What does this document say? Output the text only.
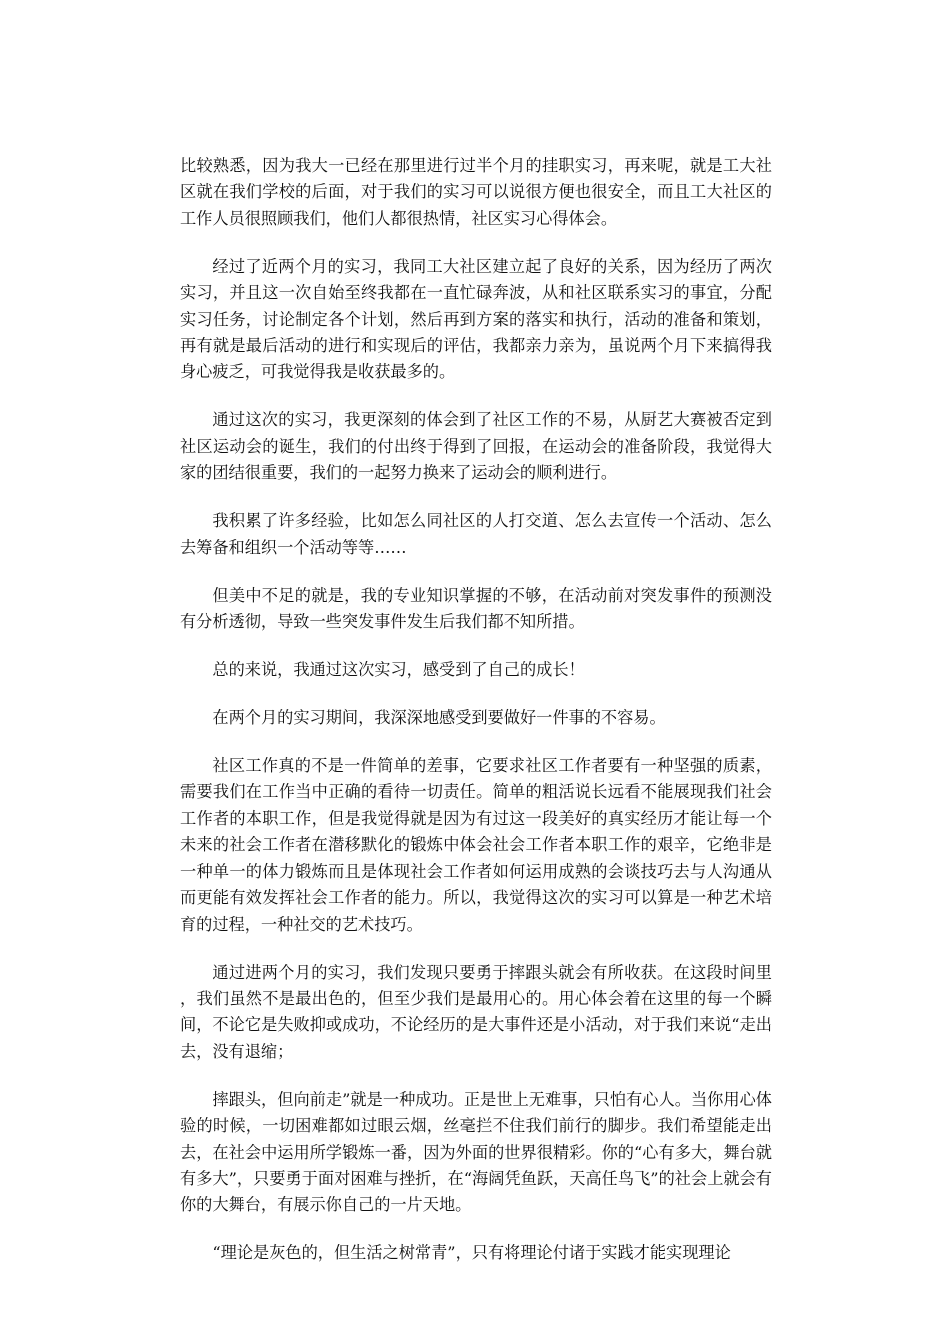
比较熟悉，因为我大一已经在那里进行过半个月的挂职实习，再来呢，就是工大社区就在我们学校的后面，对于我们的实习可以说很方便也很安全，而且工大社区的工作人员很照顾我们，他们人都很热情，社区实习心得体会。

经过了近两个月的实习，我同工大社区建立起了良好的关系，因为经历了两次实习，并且这一次自始至终我都在一直忙碌奔波，从和社区联系实习的事宜，分配实习任务，讨论制定各个计划，然后再到方案的落实和执行，活动的准备和策划，再有就是最后活动的进行和实现后的评估，我都亲力亲为，虽说两个月下来搞得我身心疲乏，可我觉得我是收获最多的。

通过这次的实习，我更深刻的体会到了社区工作的不易，从厨艺大赛被否定到社区运动会的诞生，我们的付出终于得到了回报，在运动会的准备阶段，我觉得大家的团结很重要，我们的一起努力换来了运动会的顺利进行。

我积累了许多经验，比如怎么同社区的人打交道、怎么去宣传一个活动、怎么去筹备和组织一个活动等等……

但美中不足的就是，我的专业知识掌握的不够，在活动前对突发事件的预测没有分析透彻，导致一些突发事件发生后我们都不知所措。

总的来说，我通过这次实习，感受到了自己的成长！

在两个月的实习期间，我深深地感受到要做好一件事的不容易。

社区工作真的不是一件简单的差事，它要求社区工作者要有一种坚强的质素，需要我们在工作当中正确的看待一切责任。简单的粗活说长远看不能展现我们社会工作者的本职工作，但是我觉得就是因为有过这一段美好的真实经历才能让每一个未来的社会工作者在潜移默化的锻炼中体会社会工作者本职工作的艰辛，它绝非是一种单一的体力锻炼而且是体现社会工作者如何运用成熟的会谈技巧去与人沟通从而更能有效发挥社会工作者的能力。所以，我觉得这次的实习可以算是一种艺术培育的过程，一种社交的艺术技巧。

通过进两个月的实习，我们发现只要勇于摔跟头就会有所收获。在这段时间里，我们虽然不是最出色的，但至少我们是最用心的。用心体会着在这里的每一个瞬间，不论它是失败抑或成功，不论经历的是大事件还是小活动，对于我们来说“走出去，没有退缩；

摔跟头，但向前走”就是一种成功。正是世上无难事，只怕有心人。当你用心体验的时候，一切困难都如过眼云烟，丝毫拦不住我们前行的脚步。我们希望能走出去，在社会中运用所学锻炼一番，因为外面的世界很精彩。你的“心有多大，舞台就有多大”，只要勇于面对困难与挫折，在“海阔凭鱼跃，天高任鸟飞”的社会上就会有你的大舞台，有展示你自己的一片天地。

“理论是灰色的，但生活之树常青”，只有将理论付诸于实践才能实现理论
